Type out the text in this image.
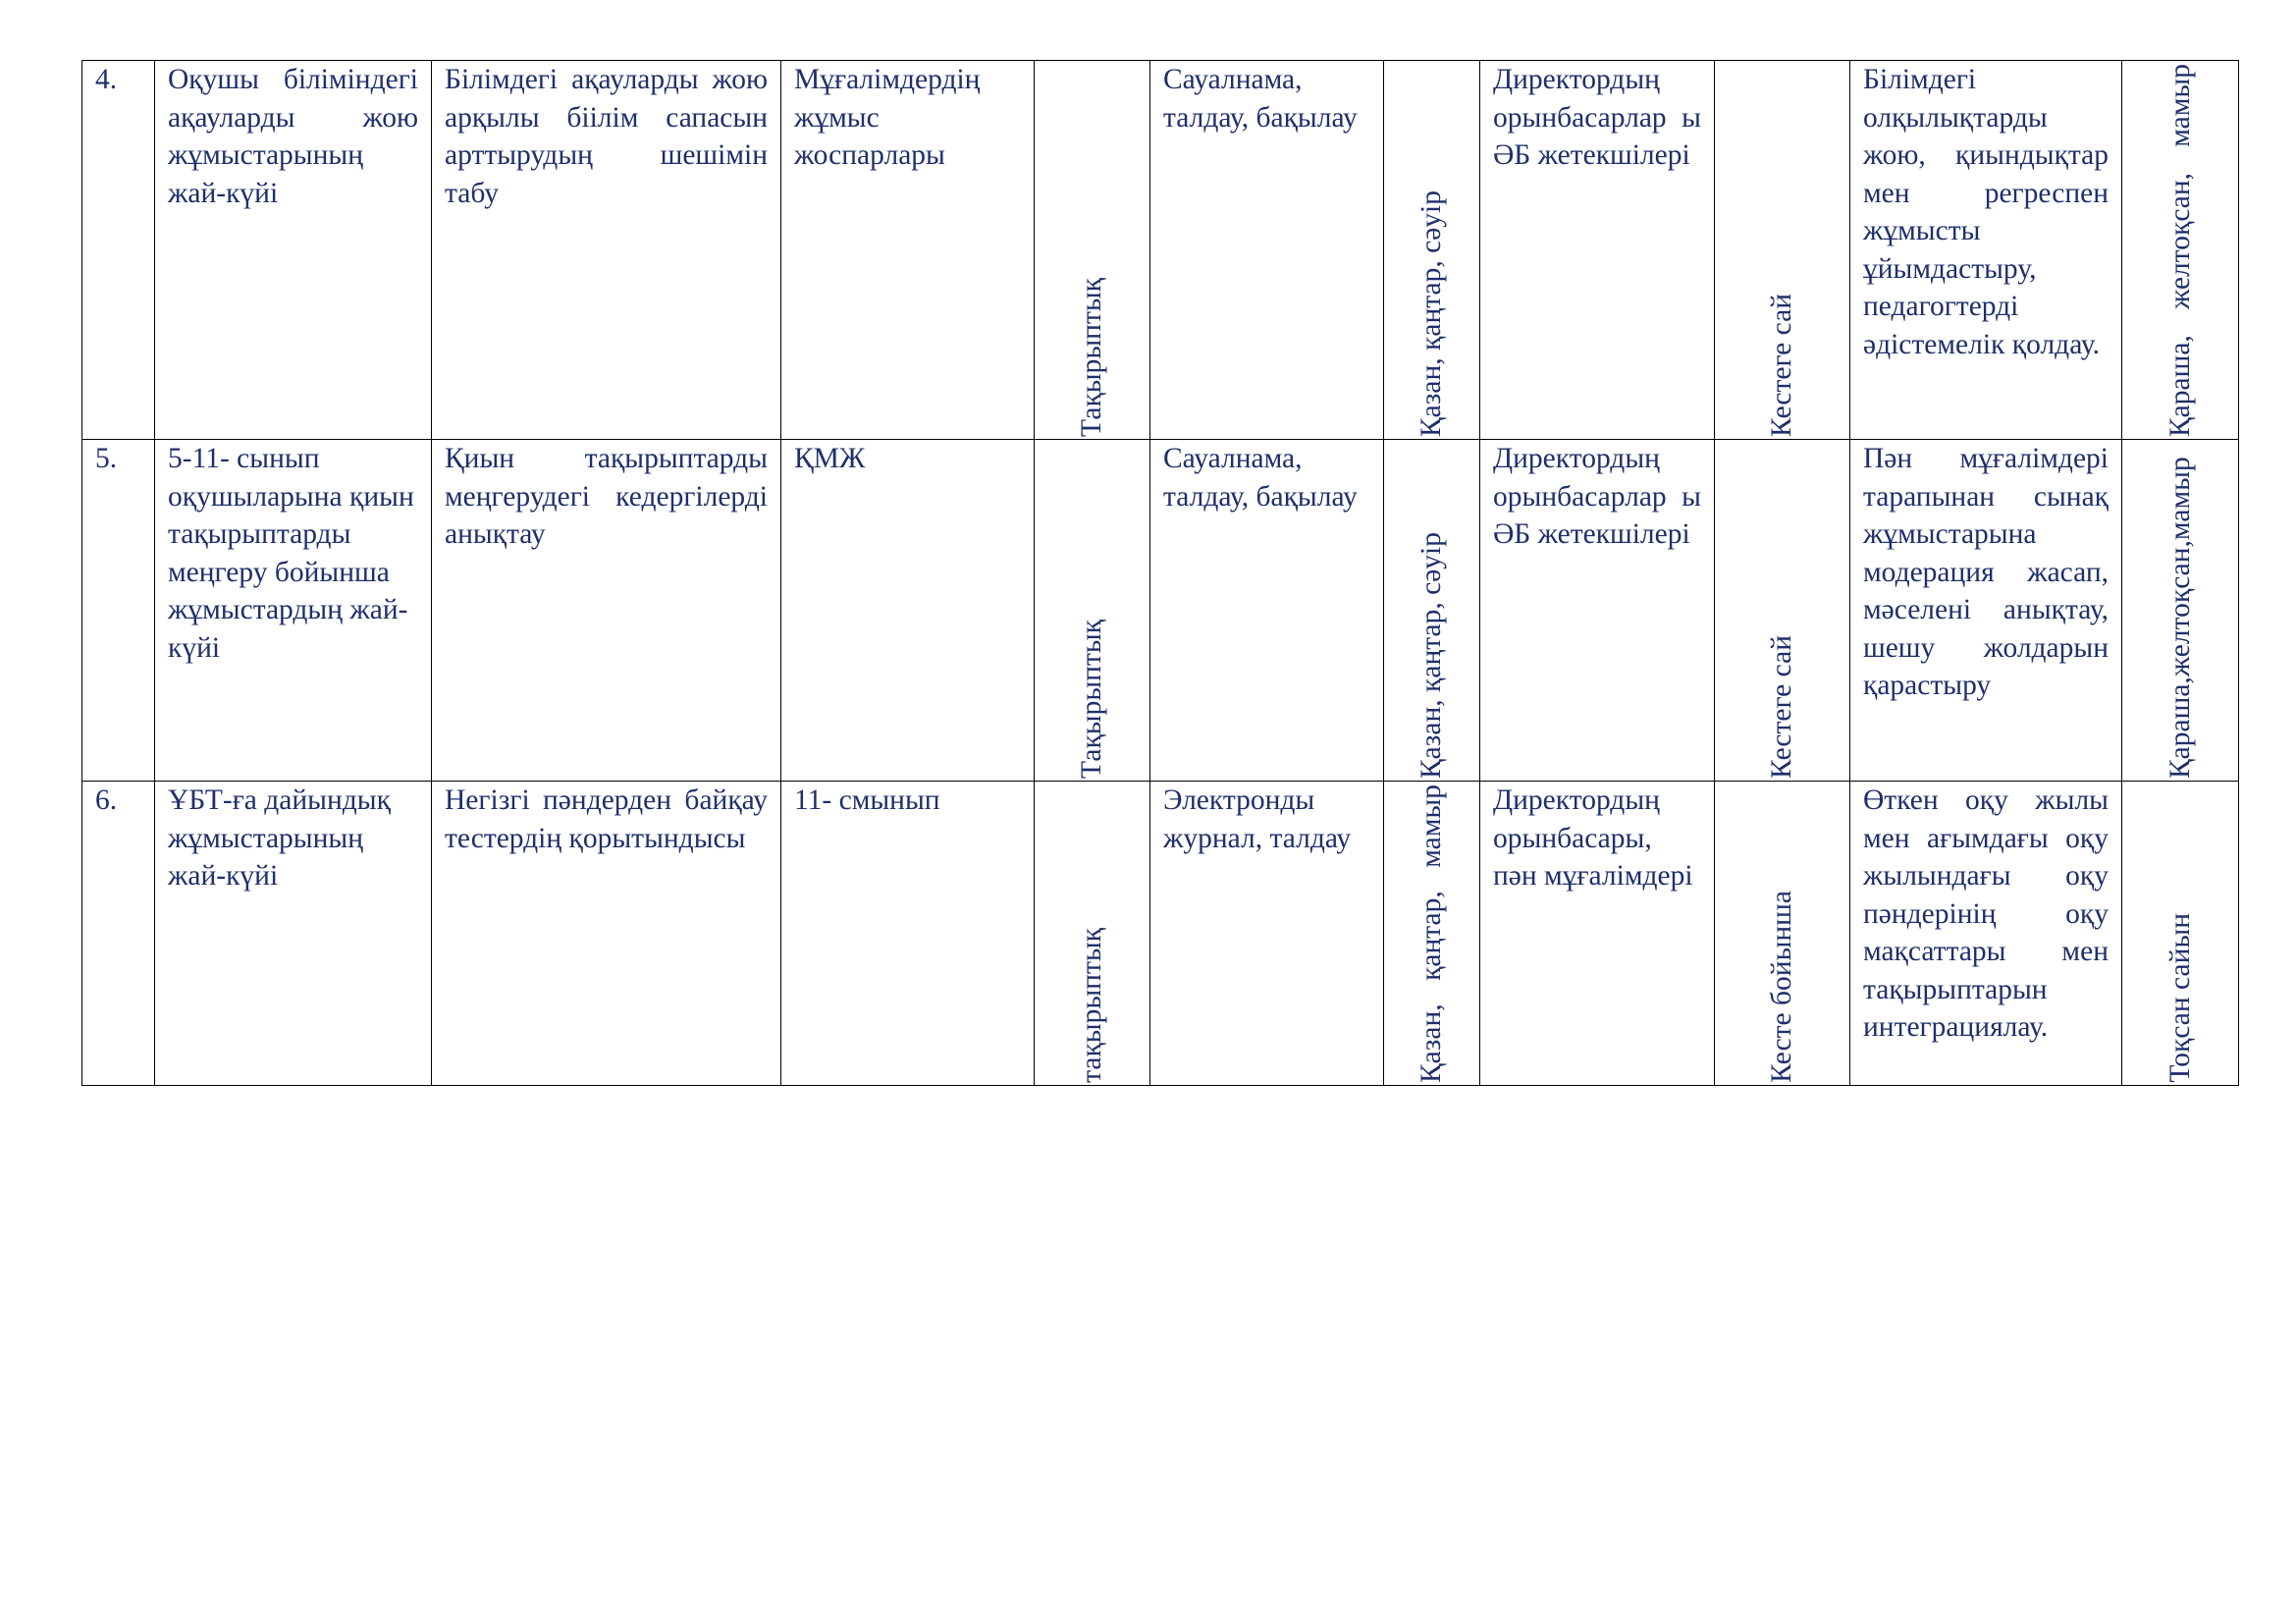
4.	Оқушы біліміндегі ақауларды жою жұмыстарының жай-күйі	Білімдегі ақауларды жою арқылы біілім сапасын арттырудың шешімін табу	Мұғалімдердің жұмыс жоспарлары	Тақырыптық	Сауалнама, талдау, бақылау	Қазан, қаңтар, сәуір	Директордың орынбасарлар ы ӘБ жетекшілері	Кестеге сай	Білімдегі олқылықтарды жою, қиындықтар мен регреспен жұмысты ұйымдастыру, педагогтерді әдістемелік қолдау.	Қараша, желтоқсан, мамыр

5.	5-11- сынып оқушыларына қиын тақырыптарды меңгеру бойынша жұмыстардың жай-күйі	Қиын тақырыптарды меңгерудегі кедергілерді анықтау	ҚМЖ	Тақырыптық	Сауалнама, талдау, бақылау	Қазан, қаңтар, сәуір	Директордың орынбасарлар ы ӘБ жетекшілері	Кестеге сай	Пән мұғалімдері тарапынан сынақ жұмыстарына модерация жасап, мәселені анықтау, шешу жолдарын қарастыру	Қараша,желтоқсан,мамыр

6.	ҰБТ-ға дайындық жұмыстарының жай-күйі	Негізгі пәндерден байқау тестердің қорытындысы	11- смынып	тақырыптық	Электронды журнал, талдау	Қазан, қаңтар, мамыр	Директордың орынбасары, пән мұғалімдері	Кесте бойынша	Өткен оқу жылы мен ағымдағы оқу жылындағы оқу пәндерінің оқу мақсаттары мен тақырыптарын интеграциялау.	Тоқсан сайын
